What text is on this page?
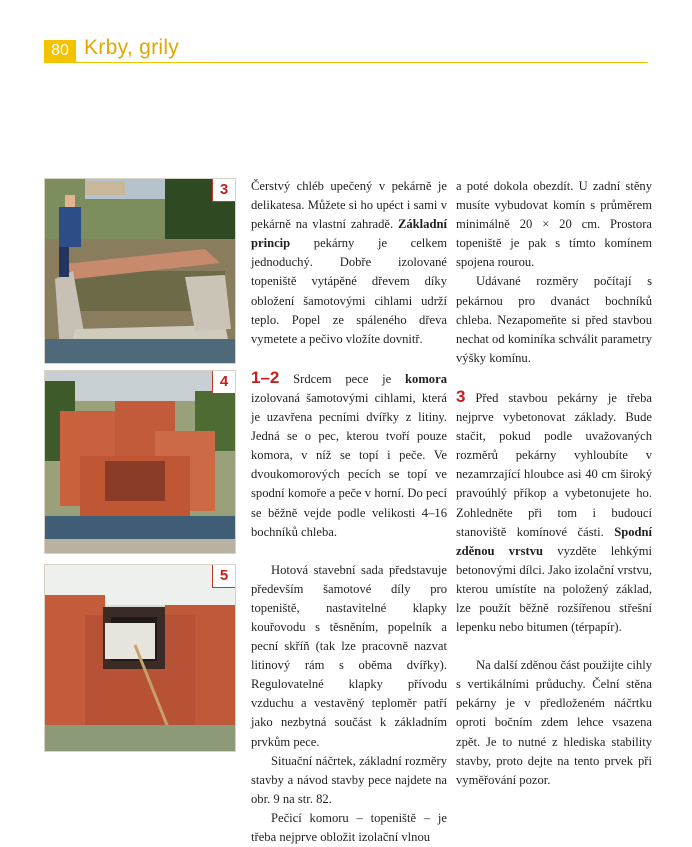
80 Krby, grily
3
4
5

Čerstvý chléb upečený v pekárně je delikatesa. Můžete si ho upéct i sami v pekárně na vlastní zahradě. Základní princip pekárny je celkem jednoduchý. Dobře izolované topeniště vytápěné dřevem díky obložení šamotovými cihlami udrží teplo. Popel ze spáleného dřeva vymetete a pečivo vložíte dovnitř.

1–2 Srdcem pece je komora izolovaná šamotovými cihlami, která je uzavřena pecními dvířky z litiny. Jedná se o pec, kterou tvoří pouze komora, v níž se topí i peče. Ve dvoukomorových pecích se topí ve spodní komoře a peče v horní. Do pecí se běžně vejde podle velikosti 4–16 bochníků chleba.

Hotová stavební sada představuje především šamotové díly pro topeniště, nastavitelné klapky kouřovodu s těsněním, popelník a pecní skříň (tak lze pracovně nazvat litinový rám s oběma dvířky). Regulovatelné klapky přívodu vzduchu a vestavěný teploměr patří jako nezbytná součást k základním prvkům pece.

Situační náčrtek, základní rozměry stavby a návod stavby pece najdete na obr. 9 na str. 82.

Pečicí komoru – topeniště – je třeba nejprve obložit izolační vlnou

a poté dokola obezdít. U zadní stěny musíte vybudovat komín s průměrem minimálně 20 × 20 cm. Prostora topeniště je pak s tímto komínem spojena rourou.

Udávané rozměry počítají s pekárnou pro dvanáct bochníků chleba. Nezapomeňte si před stavbou nechat od kominíka schválit parametry výšky komínu.

3 Před stavbou pekárny je třeba nejprve vybetonovat základy. Bude stačit, pokud podle uvažovaných rozměrů pekárny vyhloubíte v nezamrzající hloubce asi 40 cm široký pravoúhlý příkop a vybetonujete ho. Zohledněte při tom i budoucí stanoviště komínové části. Spodní zděnou vrstvu vyzděte lehkými betonovými dílci. Jako izolační vrstvu, kterou umístíte na položený základ, lze použít běžně rozšířenou střešní lepenku nebo bitumen (térpapír).

Na další zděnou část použijte cihly s vertikálními průduchy. Čelní stěna pekárny je v předloženém náčrtku oproti bočním zdem lehce vsazena zpět. Je to nutné z hlediska stability stavby, proto dejte na tento prvek při vyměřování pozor.
